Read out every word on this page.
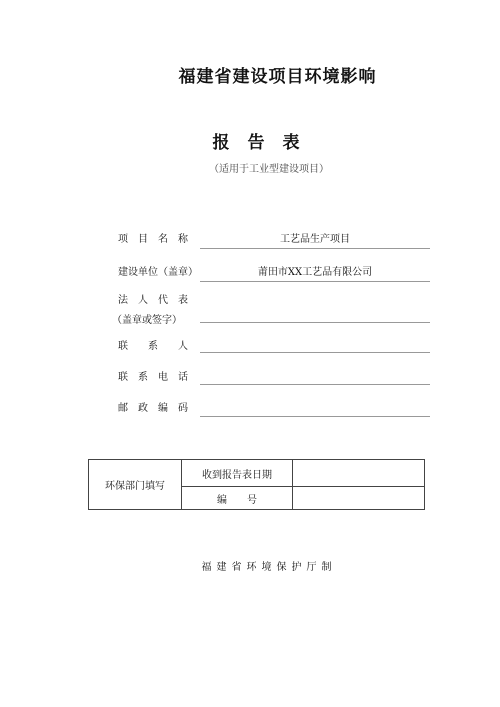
福建省建设项目环境影响
报告表
（适用于工业型建设项目）
项 目 名 称	工艺品生产项目
建设单位（盖章）	莆田市XX工艺品有限公司
法 人 代 表
（盖章或签字）
联 系 人
联 系 电 话
邮 政 编 码
环保部门填写	收到报告表日期	
	编　　号	
福建省环境保护厅制
